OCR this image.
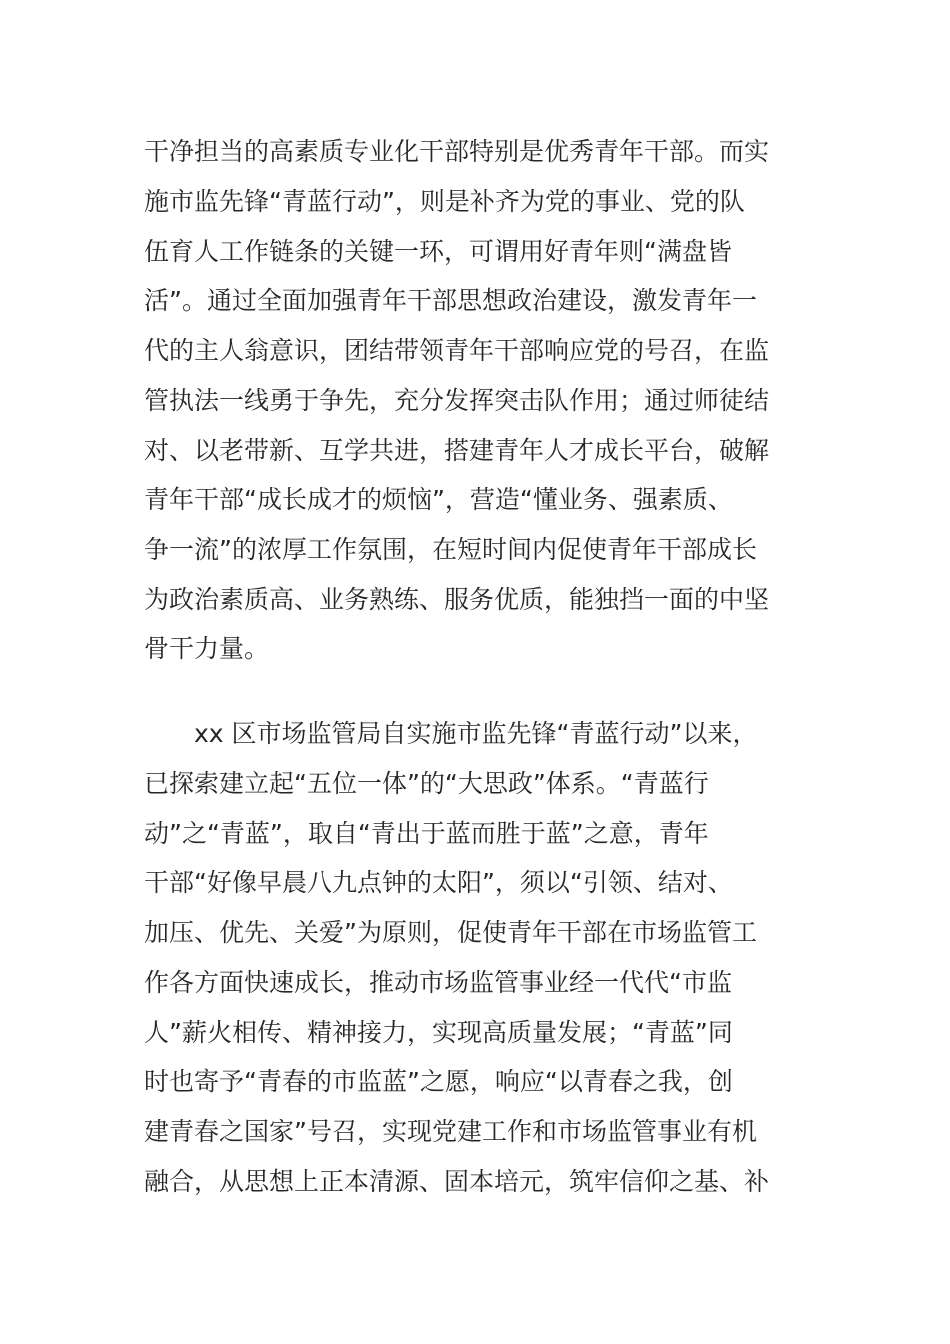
干净担当的高素质专业化干部特别是优秀青年干部。而实
施市监先锋“青蓝行动”，则是补齐为党的事业、党的队
伍育人工作链条的关键一环，可谓用好青年则“满盘皆
活”。通过全面加强青年干部思想政治建设，激发青年一
代的主人翁意识，团结带领青年干部响应党的号召，在监
管执法一线勇于争先，充分发挥突击队作用；通过师徒结
对、以老带新、互学共进，搭建青年人才成长平台，破解
青年干部“成长成才的烦恼”，营造“懂业务、强素质、
争一流”的浓厚工作氛围，在短时间内促使青年干部成长
为政治素质高、业务熟练、服务优质，能独挡一面的中坚
骨干力量。
xx 区市场监管局自实施市监先锋“青蓝行动”以来，
已探索建立起“五位一体”的“大思政”体系。“青蓝行
动”之“青蓝”，取自“青出于蓝而胜于蓝”之意，青年
干部“好像早晨八九点钟的太阳”，须以“引领、结对、
加压、优先、关爱”为原则，促使青年干部在市场监管工
作各方面快速成长，推动市场监管事业经一代代“市监
人”薪火相传、精神接力，实现高质量发展；“青蓝”同
时也寄予“青春的市监蓝”之愿，响应“以青春之我，创
建青春之国家”号召，实现党建工作和市场监管事业有机
融合，从思想上正本清源、固本培元，筑牢信仰之基、补
